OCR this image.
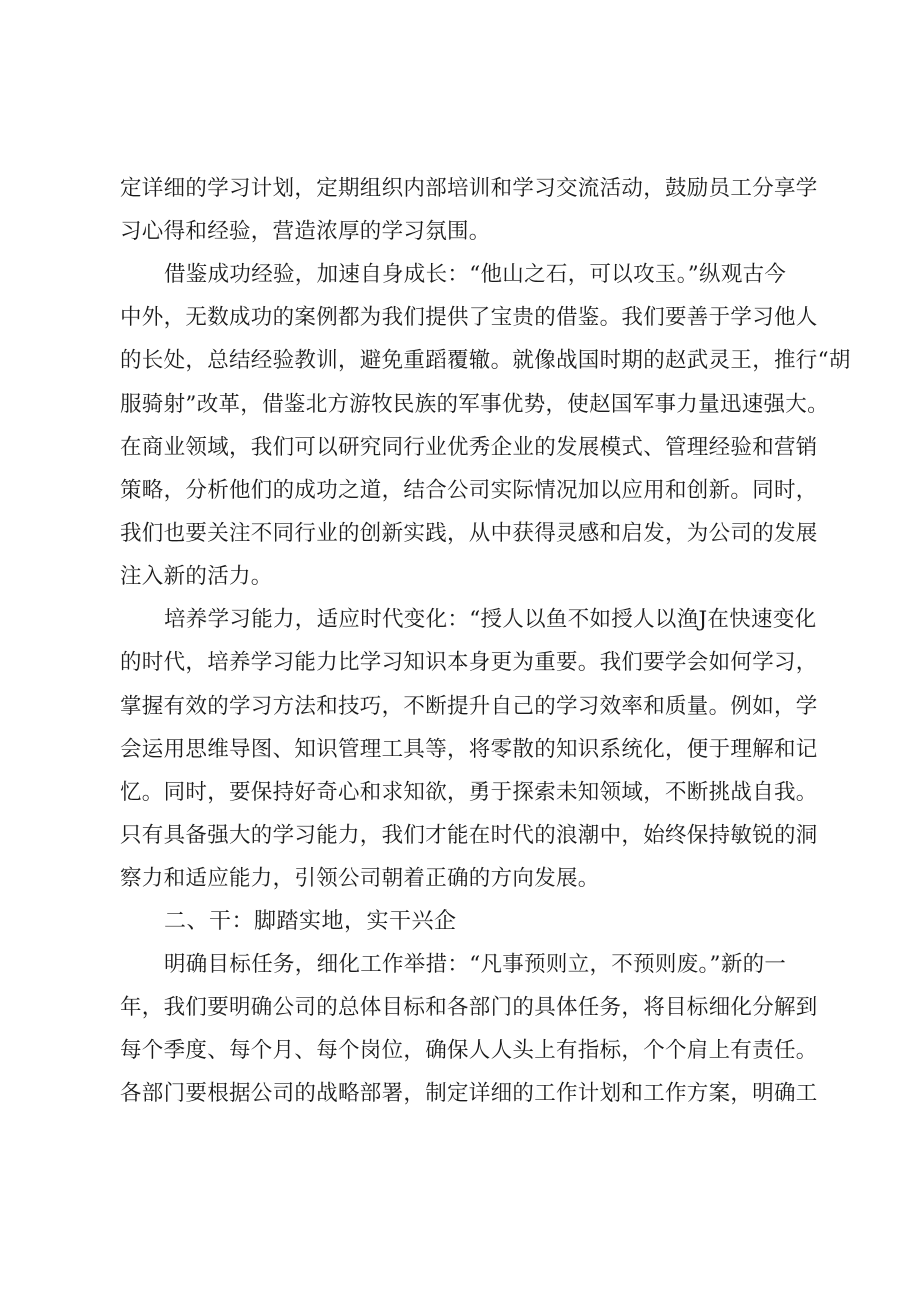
定详细的学习计划，定期组织内部培训和学习交流活动，鼓励员工分享学
习心得和经验，营造浓厚的学习氛围。
借鉴成功经验，加速自身成长：“他山之石，可以攻玉。”纵观古今
中外，无数成功的案例都为我们提供了宝贵的借鉴。我们要善于学习他人
的长处，总结经验教训，避免重蹈覆辙。就像战国时期的赵武灵王，推行“胡
服骑射”改革，借鉴北方游牧民族的军事优势，使赵国军事力量迅速强大。
在商业领域，我们可以研究同行业优秀企业的发展模式、管理经验和营销
策略，分析他们的成功之道，结合公司实际情况加以应用和创新。同时，
我们也要关注不同行业的创新实践，从中获得灵感和启发，为公司的发展
注入新的活力。
培养学习能力，适应时代变化：“授人以鱼不如授人以渔J在快速变化
的时代，培养学习能力比学习知识本身更为重要。我们要学会如何学习，
掌握有效的学习方法和技巧，不断提升自己的学习效率和质量。例如，学
会运用思维导图、知识管理工具等，将零散的知识系统化，便于理解和记
忆。同时，要保持好奇心和求知欲，勇于探索未知领域，不断挑战自我。
只有具备强大的学习能力，我们才能在时代的浪潮中，始终保持敏锐的洞
察力和适应能力，引领公司朝着正确的方向发展。
二、干：脚踏实地，实干兴企
明确目标任务，细化工作举措：“凡事预则立，不预则废。”新的一
年，我们要明确公司的总体目标和各部门的具体任务，将目标细化分解到
每个季度、每个月、每个岗位，确保人人头上有指标，个个肩上有责任。
各部门要根据公司的战略部署，制定详细的工作计划和工作方案，明确工
